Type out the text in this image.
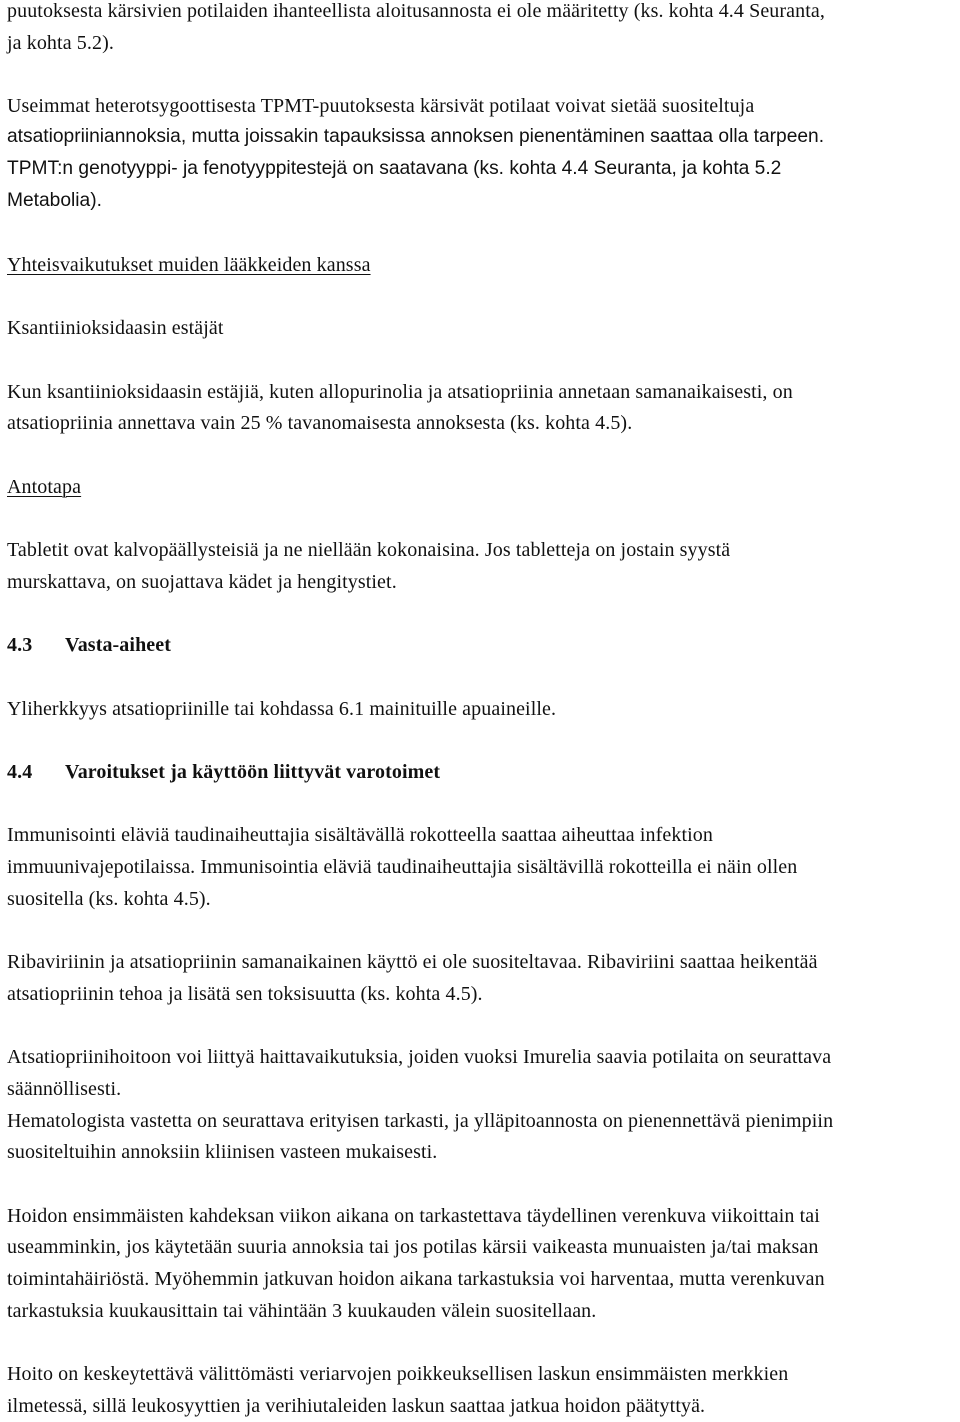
puutoksesta kärsivien potilaiden ihanteellista aloitusannosta ei ole määritetty (ks. kohta 4.4 Seuranta,
ja kohta 5.2).
Useimmat heterotsygoottisesta TPMT-puutoksesta kärsivät potilaat voivat sietää suositeltuja
atsatiopriiniannoksia, mutta joissakin tapauksissa annoksen pienentäminen saattaa olla tarpeen.
TPMT:n genotyyppi- ja fenotyyppitestejä on saatavana (ks. kohta 4.4 Seuranta, ja kohta 5.2
Metabolia).
Yhteisvaikutukset muiden lääkkeiden kanssa
Ksantiinioksidaasin estäjät
Kun ksantiinioksidaasin estäjiä, kuten allopurinolia ja atsatiopriinia annetaan samanaikaisesti, on
atsatiopriinia annettava vain 25 % tavanomaisesta annoksesta (ks. kohta 4.5).
Antotapa
Tabletit ovat kalvopäällysteisiä ja ne niellään kokonaisina. Jos tabletteja on jostain syystä
murskattava, on suojattava kädet ja hengitystiet.
4.3 Vasta-aiheet
Yliherkkyys atsatiopriinille tai kohdassa 6.1 mainituille apuaineille.
4.4 Varoitukset ja käyttöön liittyvät varotoimet
Immunisointi eläviä taudinaiheuttajia sisältävällä rokotteella saattaa aiheuttaa infektion
immuunivajepotilaissa. Immunisointia eläviä taudinaiheuttajia sisältävillä rokotteilla ei näin ollen
suositella (ks. kohta 4.5).
Ribaviriinin ja atsatiopriinin samanaikainen käyttö ei ole suositeltavaa. Ribaviriini saattaa heikentää
atsatiopriinin tehoa ja lisätä sen toksisuutta (ks. kohta 4.5).
Atsatiopriinihoitoon voi liittyä haittavaikutuksia, joiden vuoksi Imurelia saavia potilaita on seurattava
säännöllisesti.
Hematologista vastetta on seurattava erityisen tarkasti, ja ylläpitoannosta on pienennettävä pienimpiin
suositeltuihin annoksiin kliinisen vasteen mukaisesti.
Hoidon ensimmäisten kahdeksan viikon aikana on tarkastettava täydellinen verenkuva viikoittain tai
useamminkin, jos käytetään suuria annoksia tai jos potilas kärsii vaikeasta munuaisten ja/tai maksan
toimintahäiriöstä. Myöhemmin jatkuvan hoidon aikana tarkastuksia voi harventaa, mutta verenkuvan
tarkastuksia kuukausittain tai vähintään 3 kuukauden välein suositellaan.
Hoito on keskeytettävä välittömästi veriarvojen poikkeuksellisen laskun ensimmäisten merkkien
ilmetessä, sillä leukosyyttien ja verihiutaleiden laskun saattaa jatkua hoidon päätyttyä.
